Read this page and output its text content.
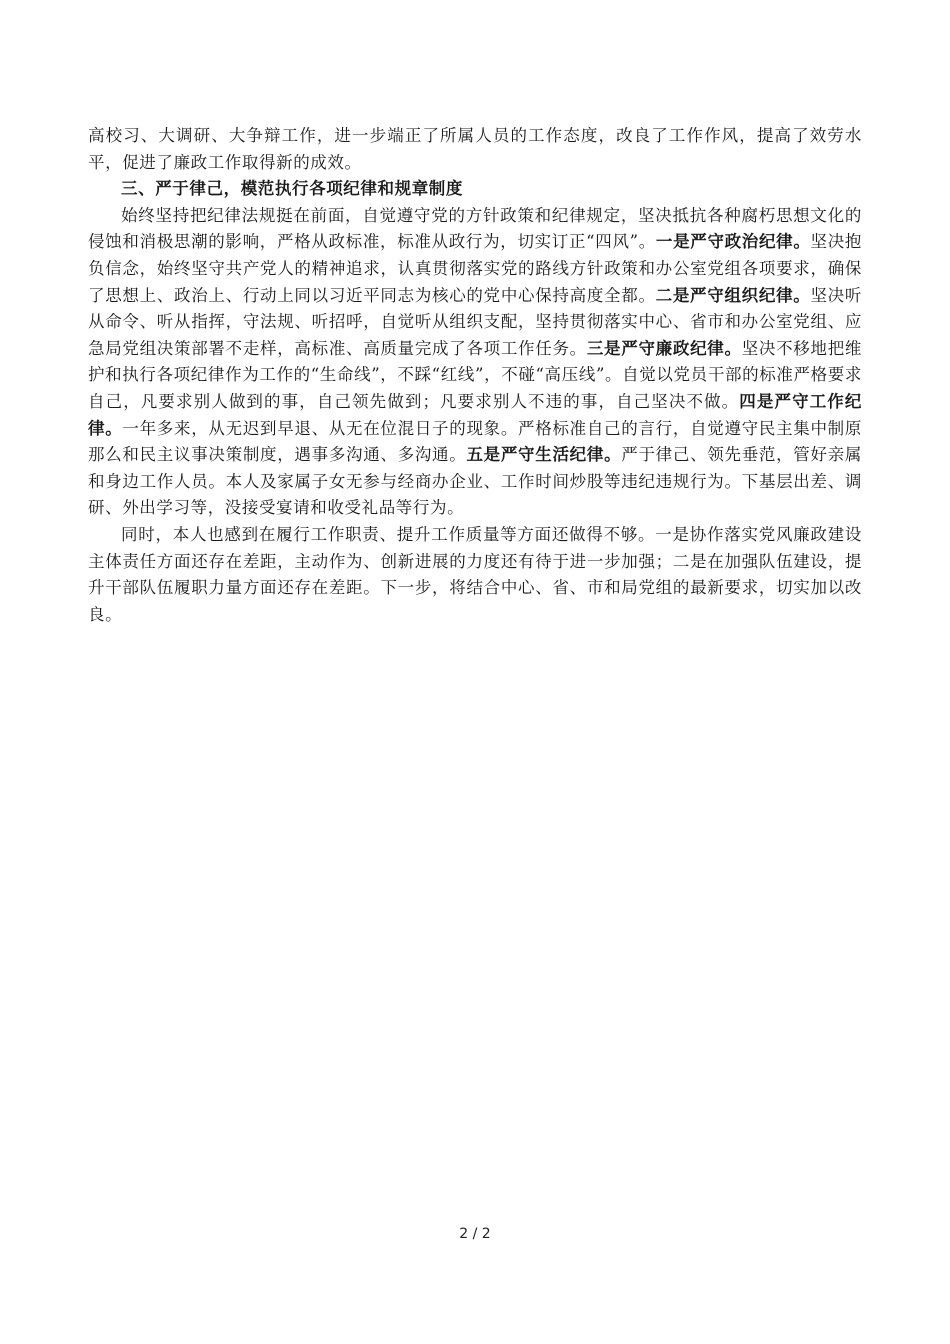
高校习、大调研、大争辩工作，进一步端正了所属人员的工作态度，改良了工作作风，提高了效劳水平，促进了廉政工作取得新的成效。

三、严于律己，模范执行各项纪律和规章制度

始终坚持把纪律法规挺在前面，自觉遵守党的方针政策和纪律规定，坚决抵抗各种腐朽思想文化的侵蚀和消极思潮的影响，严格从政标准，标准从政行为，切实订正“四风”。一是严守政治纪律。坚决抱负信念，始终坚守共产党人的精神追求，认真贯彻落实党的路线方针政策和办公室党组各项要求，确保了思想上、政治上、行动上同以习近平同志为核心的党中心保持高度全都。二是严守组织纪律。坚决听从命令、听从指挥，守法规、听招呼，自觉听从组织支配，坚持贯彻落实中心、省市和办公室党组、应急局党组决策部署不走样，高标准、高质量完成了各项工作任务。三是严守廉政纪律。坚决不移地把维护和执行各项纪律作为工作的“生命线”，不踩“红线”，不碰“高压线”。自觉以党员干部的标准严格要求自己，凡要求别人做到的事，自己领先做到；凡要求别人不违的事，自己坚决不做。四是严守工作纪律。一年多来，从无迟到早退、从无在位混日子的现象。严格标准自己的言行，自觉遵守民主集中制原那么和民主议事决策制度，遇事多沟通、多沟通。五是严守生活纪律。严于律己、领先垂范，管好亲属和身边工作人员。本人及家属子女无参与经商办企业、工作时间炒股等违纪违规行为。下基层出差、调研、外出学习等，没接受宴请和收受礼品等行为。

同时，本人也感到在履行工作职责、提升工作质量等方面还做得不够。一是协作落实党风廉政建设主体责任方面还存在差距，主动作为、创新进展的力度还有待于进一步加强；二是在加强队伍建设，提升干部队伍履职力量方面还存在差距。下一步，将结合中心、省、市和局党组的最新要求，切实加以改良。

2 / 2
